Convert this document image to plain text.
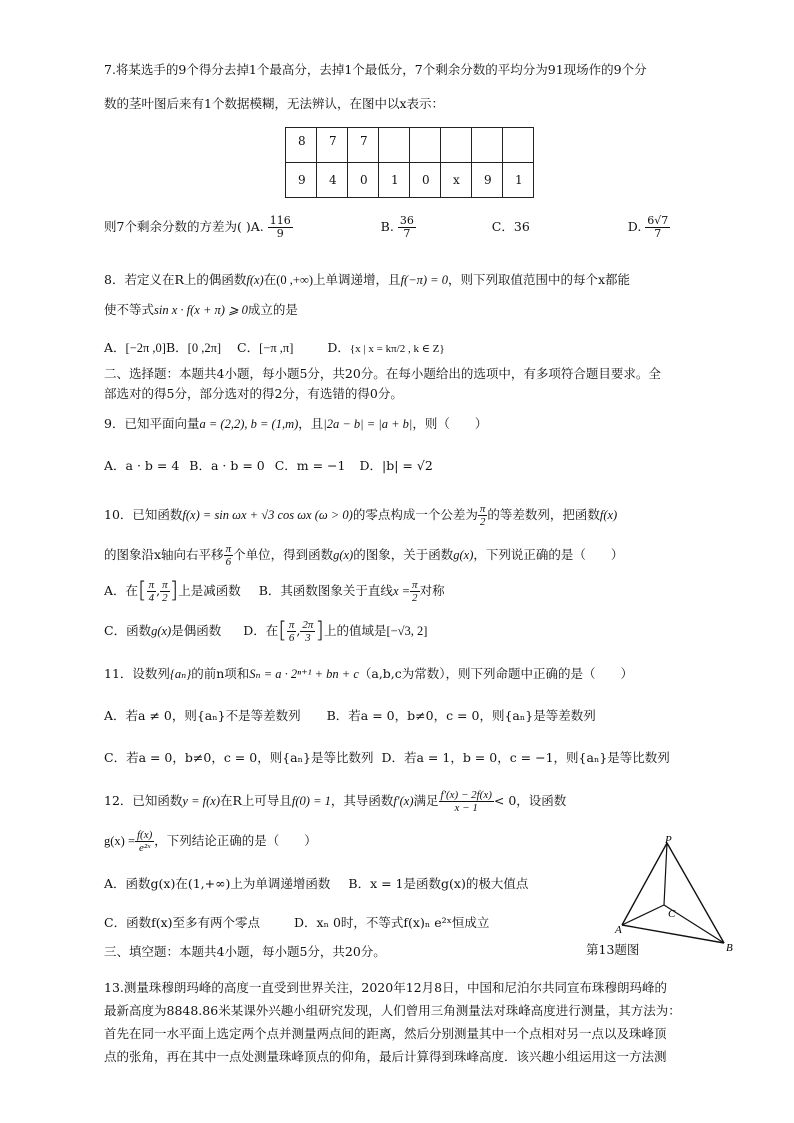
7.将某选手的9个得分去掉1个最高分，去掉1个最低分，7个剩余分数的平均分为91现场作的9个分
数的茎叶图后来有1个数据模糊，无法辨认，在图中以x表示：
8	7	7					
9	4	0	1	0	x	9	1
则7个剩余分数的方差为( )A. $\frac{116}{9}$	B. $\frac{36}{7}$	C．36	D. $\frac{6√7}{7}$
8．若定义在R上的偶函数f(x)在(0 ,+∞)上单调递增，且f(−π) = 0，则下列取值范围中的每个x都能
使不等式sin x · f(x + π) ⩾ 0成立的是
A．[−2π ,0]B．[0 ,2π] C．[−π ,π]	D．{x | x = kπ/2 , k ∈ Z}
二、选择题：本题共4小题，每小题5分，共20分。在每小题给出的选项中，有多项符合题目要求。全
部选对的得5分，部分选对的得2分，有选错的得0分。
9．已知平面向量a = (2,2), b = (1,m)，且|2a − b| = |a + b|，则（　　）
A．a · b = 4 B．a · b = 0 C．m = −1 D．|b| = √2
10．已知函数f(x) = sin ωx + √3 cos ωx (ω > 0)的零点构成一个公差为 $\frac{\pi}{2}$ 的等差数列，把函数f(x)
的图象沿x轴向右平移 $\frac{\pi}{6}$ 个单位，得到函数g(x)的图象，关于函数g(x)，下列说正确的是（　　）
A．在[ $\frac{\pi}{4}$ , $\frac{\pi}{2}$ ]上是减函数 B．其函数图象关于直线$x = \frac{\pi}{2}$ 对称
C．函数g(x)是偶函数 D．在[ $\frac{\pi}{6}$ , $\frac{2\pi}{3}$ ]上的值域是[−√3, 2]
11．设数列{aₙ}的前n项和Sₙ = a · 2ⁿ⁺¹ + bn + c（a,b,c为常数），则下列命题中正确的是（　　）
A．若a ≠ 0，则{aₙ}不是等差数列 B．若a = 0，b≠0，c = 0，则{aₙ}是等差数列
C．若a = 0，b≠0，c = 0，则{aₙ}是等比数列 D．若a = 1，b = 0，c = −1，则{aₙ}是等比数列
12．已知函数y = f(x)在R上可导且f(0) = 1，其导函数f′(x)满足 $\frac{f'(x) - 2f(x)}{x - 1} < 0$，设函数
$g(x) = \frac{f(x)}{\text{e²ˣ}}$ ，下列结论正确的是（　　）
A．函数g(x)在(1,+∞)上为单调递增函数 B．x = 1是函数g(x)的极大值点
C．函数f(x)至多有两个零点	D．xₙ 0时，不等式f(x)ₙ e²ˣ恒成立
三、填空题：本题共4小题，每小题5分，共20分。
P
A
B
C
第13题图
13.测量珠穆朗玛峰的高度一直受到世界关注，2020年12月8日，中国和尼泊尔共同宣布珠穆朗玛峰的
最新高度为8848.86米某课外兴趣小组研究发现，人们曾用三角测量法对珠峰高度进行测量，其方法为：
首先在同一水平面上选定两个点并测量两点间的距离，然后分别测量其中一个点相对另一点以及珠峰顶
点的张角，再在其中一点处测量珠峰顶点的仰角，最后计算得到珠峰高度．该兴趣小组运用这一方法测
